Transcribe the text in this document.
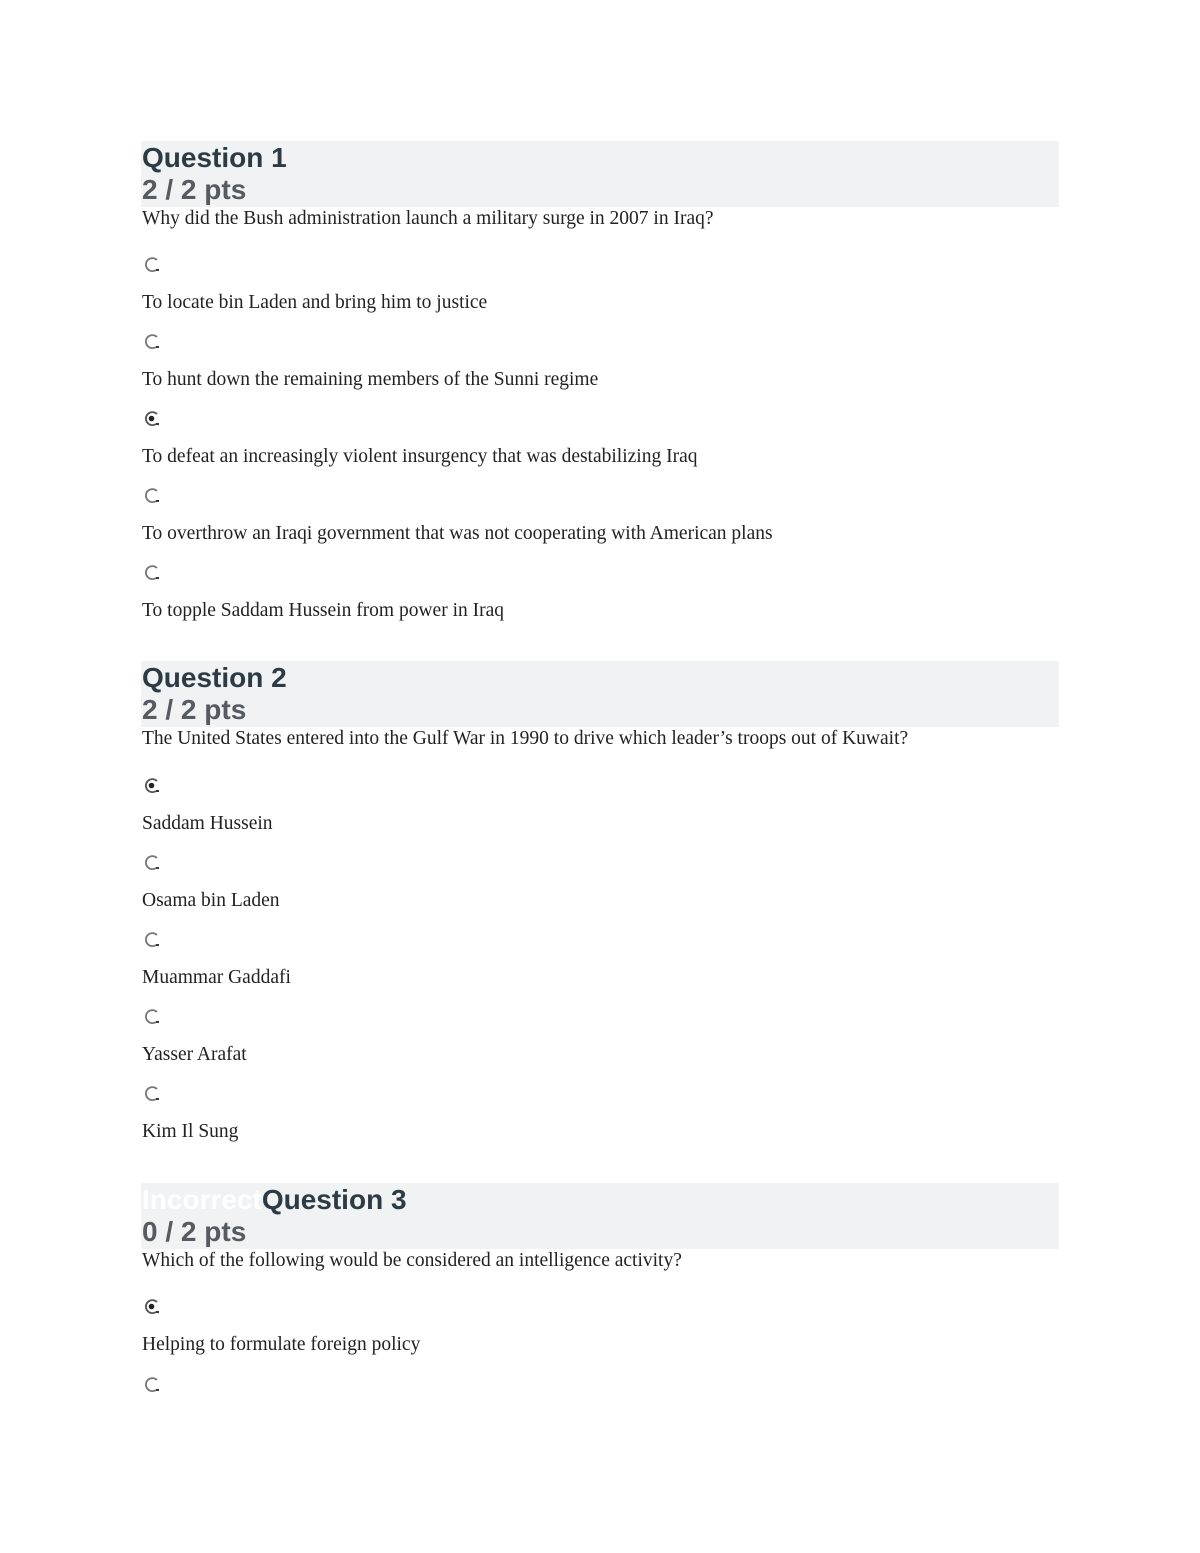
Question 1
2 / 2 pts
Why did the Bush administration launch a military surge in 2007 in Iraq?
To locate bin Laden and bring him to justice
To hunt down the remaining members of the Sunni regime
To defeat an increasingly violent insurgency that was destabilizing Iraq
To overthrow an Iraqi government that was not cooperating with American plans
To topple Saddam Hussein from power in Iraq
Question 2
2 / 2 pts
The United States entered into the Gulf War in 1990 to drive which leader’s troops out of Kuwait?
Saddam Hussein
Osama bin Laden
Muammar Gaddafi
Yasser Arafat
Kim Il Sung
IncorrectQuestion 3
0 / 2 pts
Which of the following would be considered an intelligence activity?
Helping to formulate foreign policy
